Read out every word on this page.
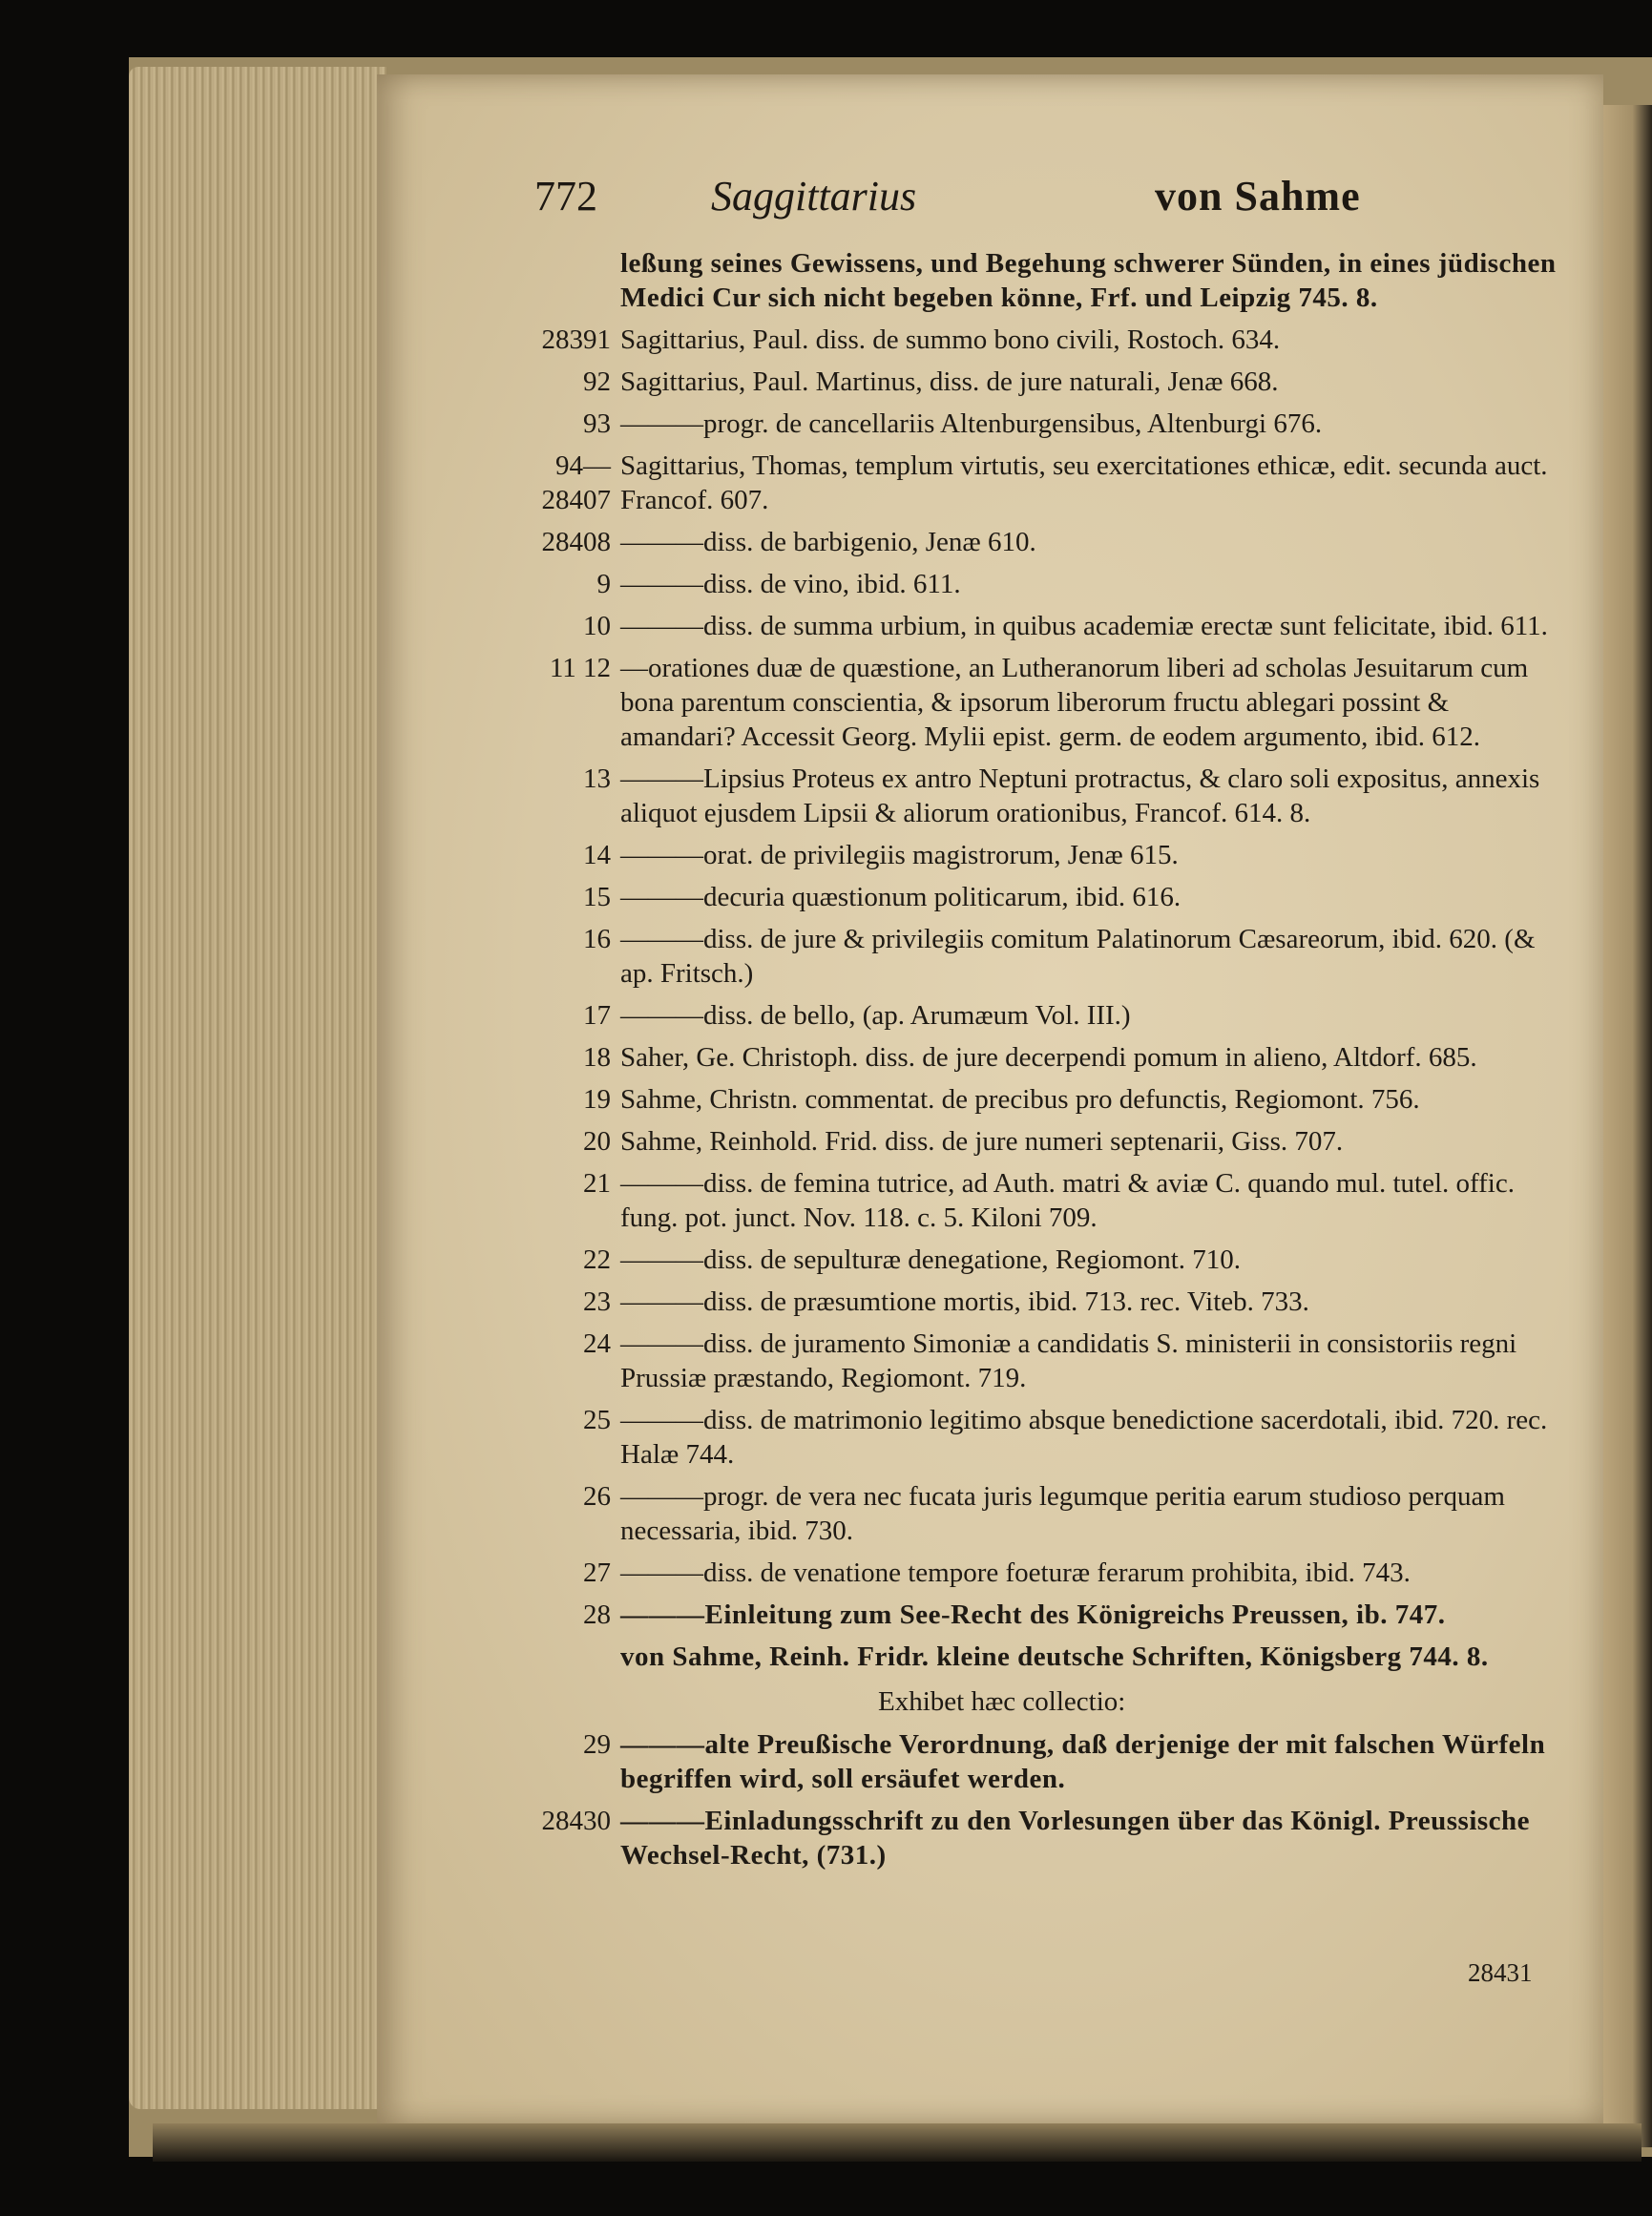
772	Saggittarius	von Sahme
leßung seines Gewissens, und Begehung schwerer Sünden, in eines jüdischen Medici Cur sich nicht begeben könne, Frf. und Leipzig 745. 8.
28391 Sagittarius, Paul. diss. de summo bono civili, Rostoch. 634.
92 Sagittarius, Paul. Martinus, diss. de jure naturali, Jenæ 668.
93 ———progr. de cancellariis Altenburgensibus, Altenburgi 676.
94—28407
Sagittarius, Thomas, templum virtutis, seu exercitationes ethicæ, edit. secunda auct. Francof. 607.
28408 ———diss. de barbigenio, Jenæ 610.
9 ———diss. de vino, ibid. 611.
10 ———diss. de summa urbium, in quibus academiæ erectæ sunt felicitate, ibid. 611.
11 12 —orationes duæ de quæstione, an Lutheranorum liberi ad scholas Jesuitarum cum bona parentum conscientia, & ipsorum liberorum fructu ablegari possint & amandari? Accessit Georg. Mylii epist. germ. de eodem argumento, ibid. 612.
13 ———Lipsius Proteus ex antro Neptuni protractus, & claro soli expositus, annexis aliquot ejusdem Lipsii & aliorum orationibus, Francof. 614. 8.
14 ———orat. de privilegiis magistrorum, Jenæ 615.
15 ———decuria quæstionum politicarum, ibid. 616.
16 ———diss. de jure & privilegiis comitum Palatinorum Cæsareorum, ibid. 620. (& ap. Fritsch.)
17 ———diss. de bello, (ap. Arumæum Vol. III.)
18 Saher, Ge. Christoph. diss. de jure decerpendi pomum in alieno, Altdorf. 685.
19 Sahme, Christn. commentat. de precibus pro defunctis, Regiomont. 756.
20 Sahme, Reinhold. Frid. diss. de jure numeri septenarii, Giss. 707.
21 ———diss. de femina tutrice, ad Auth. matri & aviæ C. quando mul. tutel. offic. fung. pot. junct. Nov. 118. c. 5. Kiloni 709.
22 ———diss. de sepulturæ denegatione, Regiomont. 710.
23 ———diss. de præsumtione mortis, ibid. 713. rec. Viteb. 733.
24 ———diss. de juramento Simoniæ a candidatis S. ministerii in consistoriis regni Prussiæ præstando, Regiomont. 719.
25 ———diss. de matrimonio legitimo absque benedictione sacerdotali, ibid. 720. rec. Halæ 744.
26 ———progr. de vera nec fucata juris legumque peritia earum studioso perquam necessaria, ibid. 730.
27 ———diss. de venatione tempore foeturæ ferarum prohibita, ibid. 743.
28 ———Einleitung zum See-Recht des Königreichs Preussen, ib. 747.
von Sahme, Reinh. Fridr. kleine deutsche Schriften, Königsberg 744. 8.
Exhibet hæc collectio:
29 ———alte Preußische Verordnung, daß derjenige der mit falschen Würfeln begriffen wird, soll ersäufet werden.
28430 ———Einladungsschrift zu den Vorlesungen über das Königl. Preussische Wechsel-Recht, (731.)
28431
